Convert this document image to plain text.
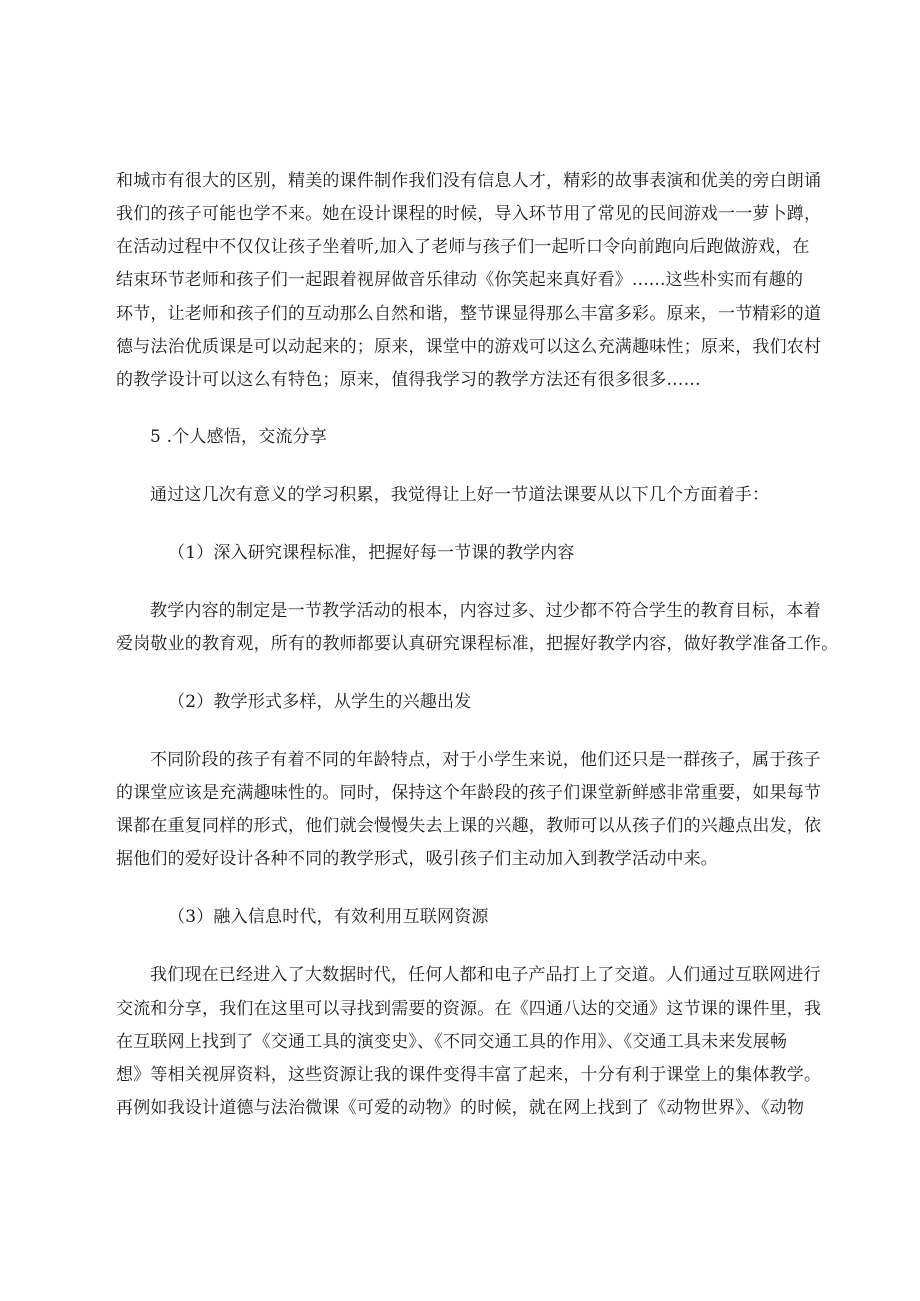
和城市有很大的区别，精美的课件制作我们没有信息人才，精彩的故事表演和优美的旁白朗诵
我们的孩子可能也学不来。她在设计课程的时候，导入环节用了常见的民间游戏一一萝卜蹲，
在活动过程中不仅仅让孩子坐着听,加入了老师与孩子们一起听口令向前跑向后跑做游戏，在
结束环节老师和孩子们一起跟着视屏做音乐律动《你笑起来真好看》......这些朴实而有趣的
环节，让老师和孩子们的互动那么自然和谐，整节课显得那么丰富多彩。原来，一节精彩的道
德与法治优质课是可以动起来的；原来，课堂中的游戏可以这么充满趣味性；原来，我们农村
的教学设计可以这么有特色；原来，值得我学习的教学方法还有很多很多……
5 .个人感悟，交流分享
通过这几次有意义的学习积累，我觉得让上好一节道法课要从以下几个方面着手：
（1）深入研究课程标准，把握好每一节课的教学内容
教学内容的制定是一节教学活动的根本，内容过多、过少都不符合学生的教育目标，本着
爱岗敬业的教育观，所有的教师都要认真研究课程标准，把握好教学内容，做好教学准备工作。
（2）教学形式多样，从学生的兴趣出发
不同阶段的孩子有着不同的年龄特点，对于小学生来说，他们还只是一群孩子，属于孩子
的课堂应该是充满趣味性的。同时，保持这个年龄段的孩子们课堂新鲜感非常重要，如果每节
课都在重复同样的形式，他们就会慢慢失去上课的兴趣，教师可以从孩子们的兴趣点出发，依
据他们的爱好设计各种不同的教学形式，吸引孩子们主动加入到教学活动中来。
（3）融入信息时代，有效利用互联网资源
我们现在已经进入了大数据时代，任何人都和电子产品打上了交道。人们通过互联网进行
交流和分享，我们在这里可以寻找到需要的资源。在《四通八达的交通》这节课的课件里，我
在互联网上找到了《交通工具的演变史》、《不同交通工具的作用》、《交通工具未来发展畅
想》等相关视屏资料，这些资源让我的课件变得丰富了起来，十分有利于课堂上的集体教学。
再例如我设计道德与法治微课《可爱的动物》的时候，就在网上找到了《动物世界》、《动物
